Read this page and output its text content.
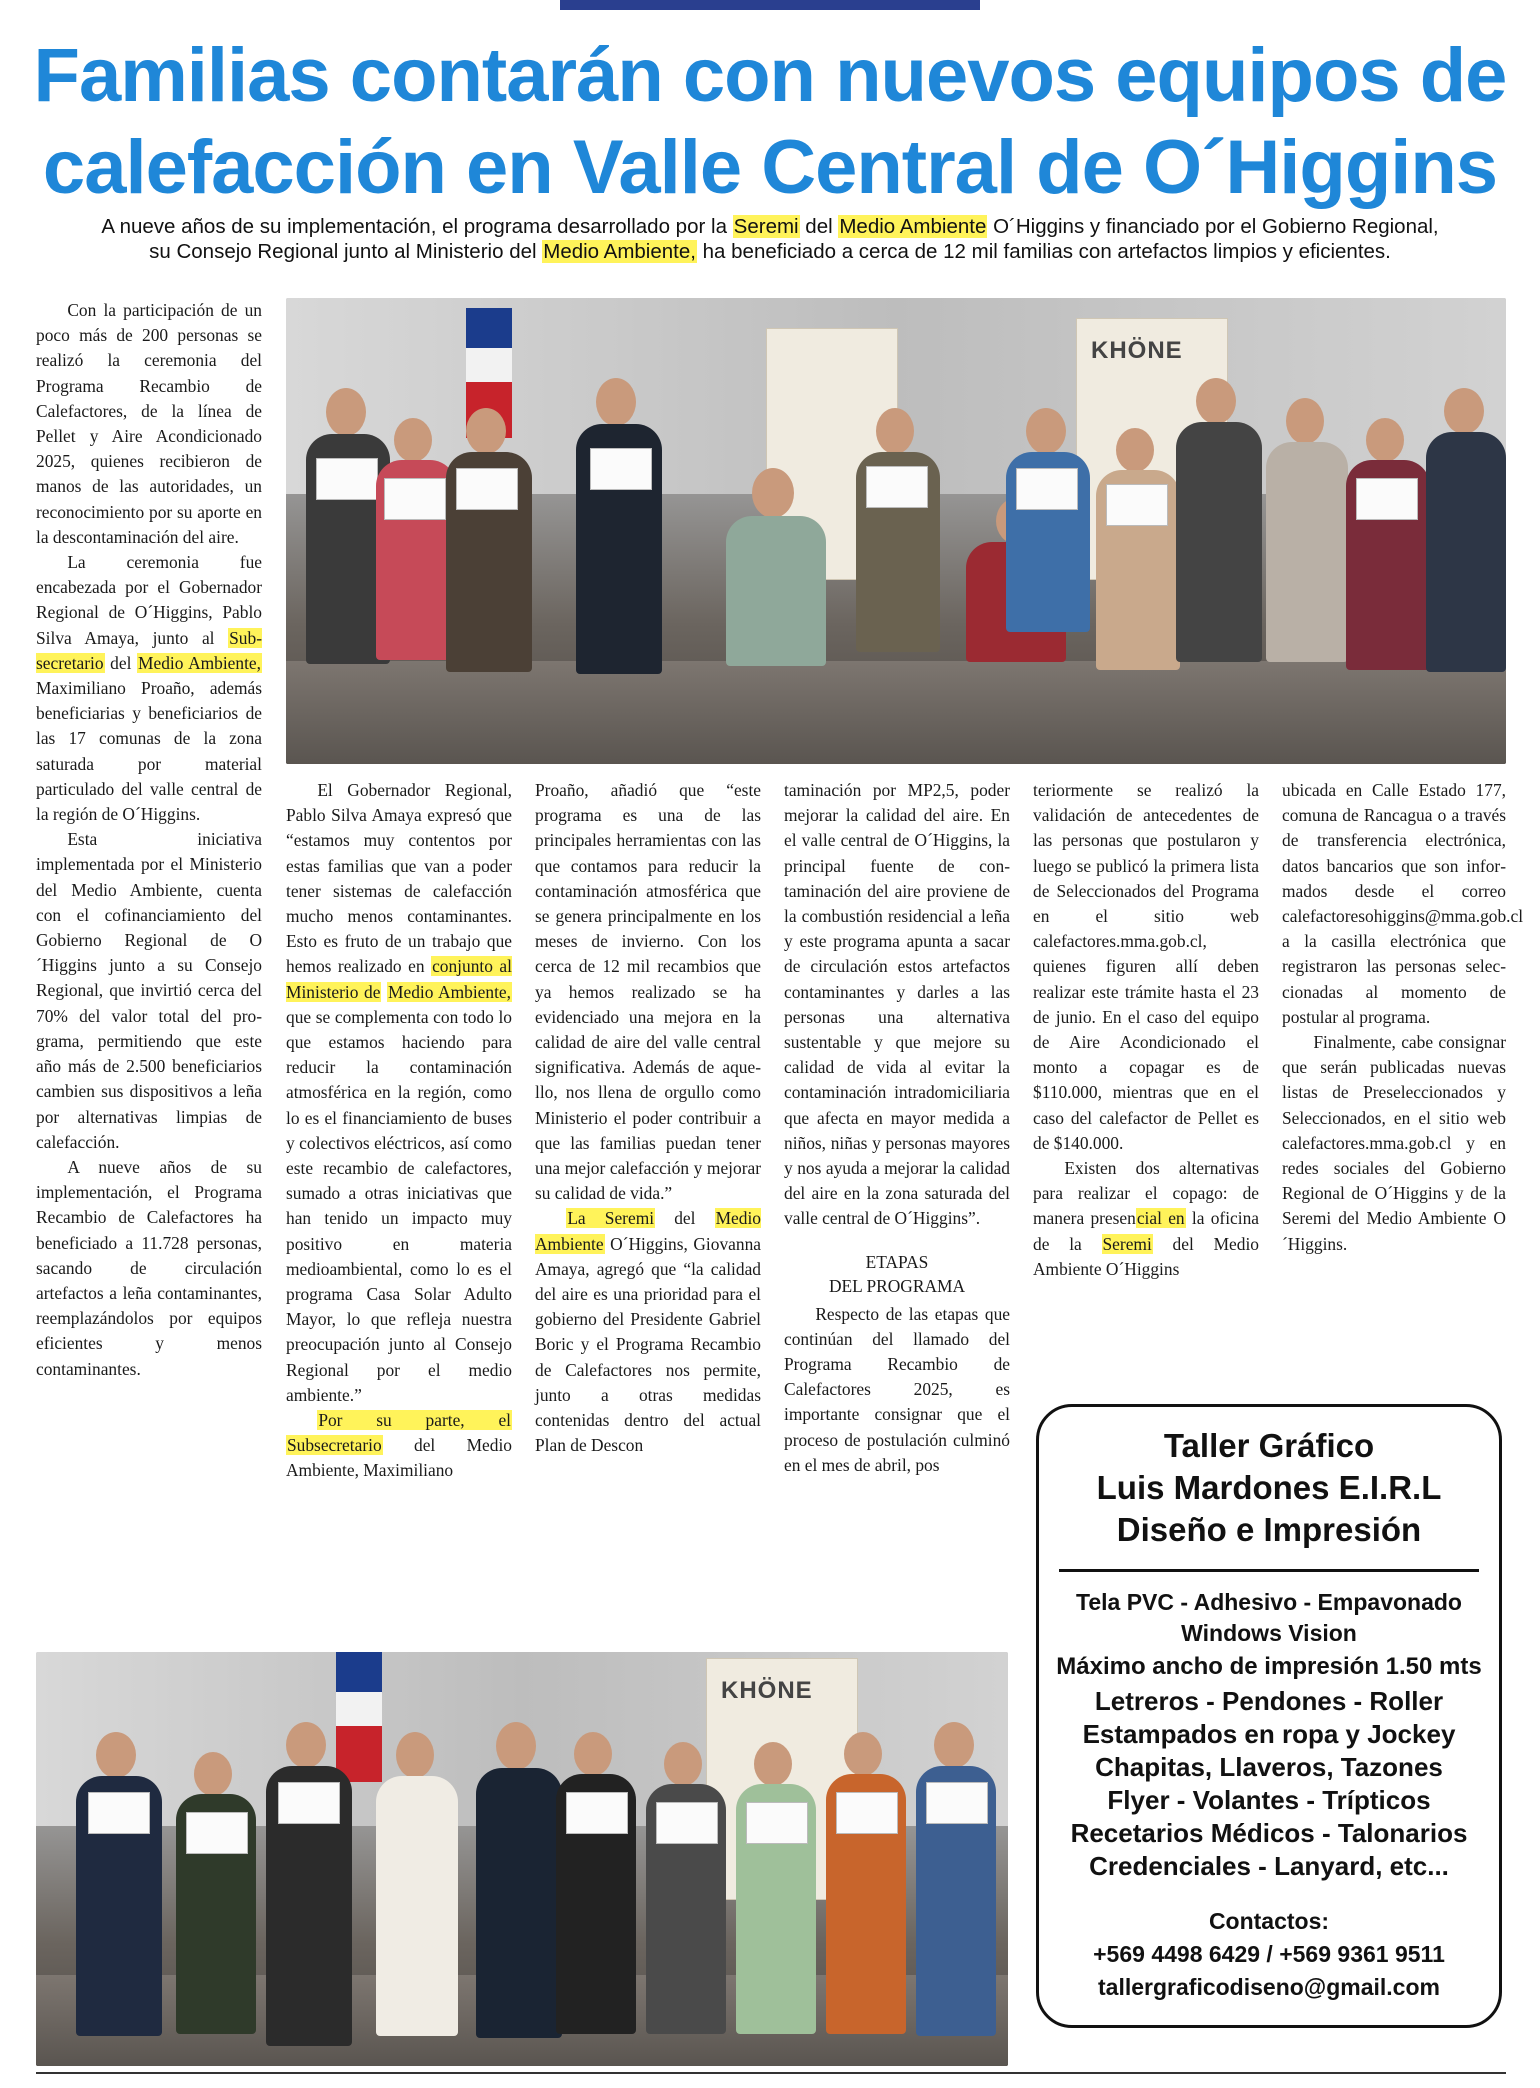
Familias contarán con nuevos equipos de
calefacción en Valle Central de O´Higgins
A nueve años de su implementación, el programa desarrollado por la Seremi del Medio Ambiente O´Higgins y financiado por el Gobierno Regional,
su Consejo Regional junto al Ministerio del Medio Ambiente, ha beneficiado a cerca de 12 mil familias con artefactos limpios y eficientes.

Con la participación de un poco más de 200 personas se realizó la ceremonia del Programa Recambio de Calefactores, de la línea de Pellet y Aire Acondicionado 2025, quienes recibieron de manos de las autoridades, un reconocimiento por su aporte en la descontaminación del aire.

La ceremonia fue encabezada por el Gobernador Regional de O´Higgins, Pablo Silva Amaya, junto al Subsecretario del Medio Ambiente, Maximiliano Proaño, además beneficiarias y beneficiarios de las 17 comunas de la zona saturada por material particulado del valle central de la región de O´Higgins.

Esta iniciativa implementada por el Ministerio del Medio Ambiente, cuenta con el cofinanciamiento del Gobierno Regional de O´Higgins junto a su Consejo Regional, que invirtió cerca del 70% del valor total del programa, permitiendo que este año más de 2.500 beneficiarios cambien sus dispositivos a leña por alternativas limpias de calefacción.

A nueve años de su implementación, el Programa Recambio de Calefactores ha beneficiado a 11.728 personas, sacando de circulación artefactos a leña contaminantes, reemplazándolos por equipos eficientes y menos contaminantes.

KHÖNE

El Gobernador Regional, Pablo Silva Amaya expresó que “estamos muy contentos por estas familias que van a poder tener sistemas de calefacción mucho menos contaminantes. Esto es fruto de un trabajo que hemos realizado en conjunto al Ministerio de Medio Ambiente, que se complementa con todo lo que estamos haciendo para reducir la contaminación atmosférica en la región, como lo es el financiamiento de buses y colectivos eléctricos, así como este recambio de calefactores, sumado a otras iniciativas que han tenido un impacto muy positivo en materia medioambiental, como lo es el programa Casa Solar Adulto Mayor, lo que refleja nuestra preocupación junto al Consejo Regional por el medio ambiente.”

Por su parte, el Subsecretario del Medio Ambiente, Maximiliano

Proaño, añadió que “este programa es una de las principales herramientas con las que contamos para reducir la contaminación atmosférica que se genera principalmente en los meses de invierno. Con los cerca de 12 mil recambios que ya hemos realizado se ha evidenciado una mejora en la calidad de aire del valle central significativa. Además de aquello, nos llena de orgullo como Ministerio el poder contribuir a que las familias puedan tener una mejor calefacción y mejorar su calidad de vida.”

La Seremi del Medio Ambiente O´Higgins, Giovanna Amaya, agregó que “la calidad del aire es una prioridad para el gobierno del Presidente Gabriel Boric y el Programa Recambio de Calefactores nos permite, junto a otras medidas contenidas dentro del actual Plan de Descon

taminación por MP2,5, poder mejorar la calidad del aire. En el valle central de O´Higgins, la principal fuente de contaminación del aire proviene de la combustión residencial a leña y este programa apunta a sacar de circulación estos artefactos contaminantes y darles a las personas una alternativa sustentable y que mejore su calidad de vida al evitar la contaminación intradomiciliaria que afecta en mayor medida a niños, niñas y personas mayores y nos ayuda a mejorar la calidad del aire en la zona saturada del valle central de O´Higgins”.

ETAPAS
DEL PROGRAMA

Respecto de las etapas que continúan del llamado del Programa Recambio de Calefactores 2025, es importante consignar que el proceso de postulación culminó en el mes de abril, pos

teriormente se realizó la validación de antecedentes de las personas que postularon y luego se publicó la primera lista de Seleccionados del Programa en el sitio web calefactores.mma.gob.cl, quienes figuren allí deben realizar este trámite hasta el 23 de junio. En el caso del equipo de Aire Acondicionado el monto a copagar es de $110.000, mientras que en el caso del calefactor de Pellet es de $140.000.

Existen dos alternativas para realizar el copago: de manera presencial en la oficina de la Seremi del Medio Ambiente O´Higgins

ubicada en Calle Estado 177, comuna de Rancagua o a través de transferencia electrónica, datos bancarios que son informados desde el correo calefactoresohiggins@mma.gob.cl a la casilla electrónica que registraron las personas seleccionadas al momento de postular al programa.

Finalmente, cabe consignar que serán publicadas nuevas listas de Preseleccionados y Seleccionados, en el sitio web calefactores.mma.gob.cl y en redes sociales del Gobierno Regional de O´Higgins y de la Seremi del Medio Ambiente O´Higgins.

KHÖNE
Taller Gráfico
Luis Mardones E.I.R.L
Diseño e Impresión
Tela PVC - Adhesivo - Empavonado
Windows Vision
Máximo ancho de impresión 1.50 mts
Letreros - Pendones - Roller
Estampados en ropa y Jockey
Chapitas, Llaveros, Tazones
Flyer - Volantes - Trípticos
Recetarios Médicos - Talonarios
Credenciales - Lanyard, etc...
Contactos:
+569 4498 6429 / +569 9361 9511
tallergraficodiseno@gmail.com
